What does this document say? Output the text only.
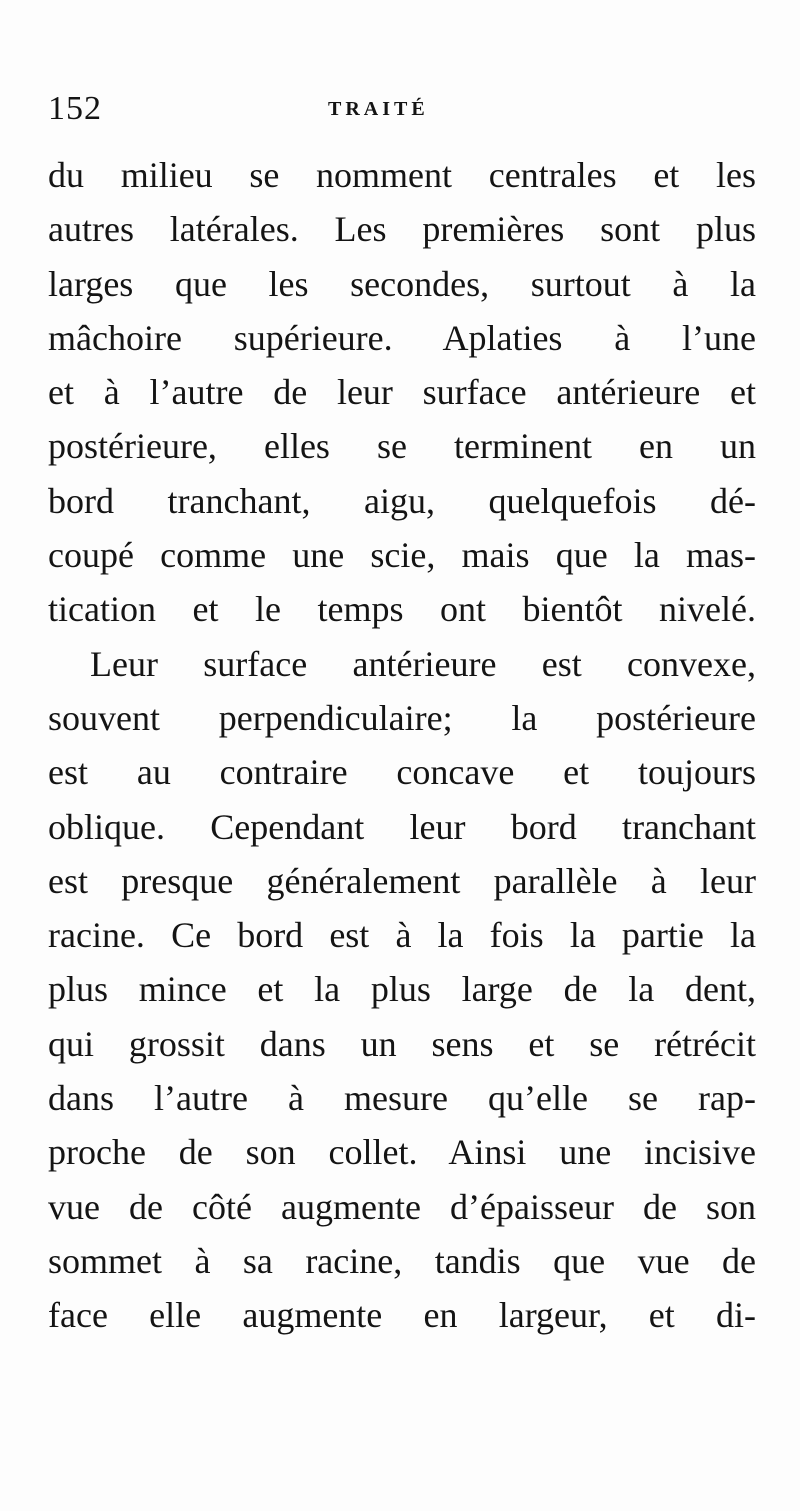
152	TRAITÉ
du milieu se nomment centrales et les
autres latérales. Les premières sont plus
larges que les secondes, surtout à la
mâchoire supérieure. Aplaties à l’une
et à l’autre de leur surface antérieure et
postérieure, elles se terminent en un
bord tranchant, aigu, quelquefois dé-
coupé comme une scie, mais que la mas-
tication et le temps ont bientôt nivelé.
Leur surface antérieure est convexe,
souvent perpendiculaire; la postérieure
est au contraire concave et toujours
oblique. Cependant leur bord tranchant
est presque généralement parallèle à leur
racine. Ce bord est à la fois la partie la
plus mince et la plus large de la dent,
qui grossit dans un sens et se rétrécit
dans l’autre à mesure qu’elle se rap-
proche de son collet. Ainsi une incisive
vue de côté augmente d’épaisseur de son
sommet à sa racine, tandis que vue de
face elle augmente en largeur, et di-
